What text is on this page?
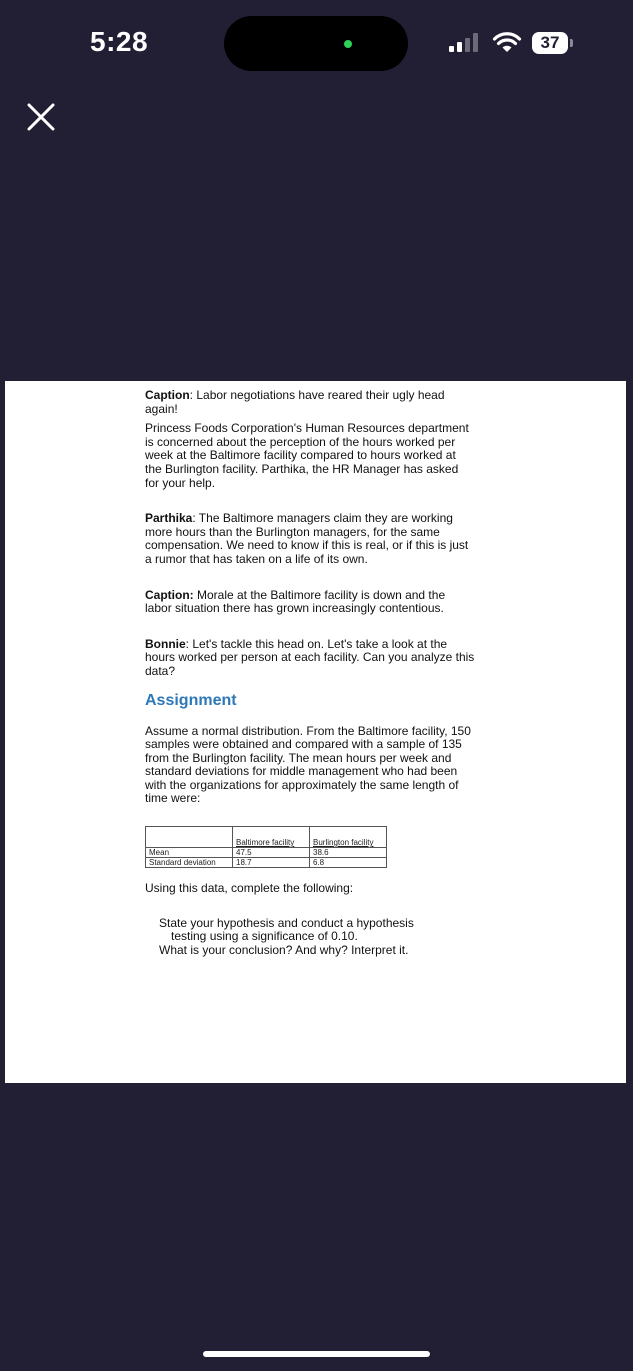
5:28	37

Caption: Labor negotiations have reared their ugly head again!

Princess Foods Corporation's Human Resources department is concerned about the perception of the hours worked per week at the Baltimore facility compared to hours worked at the Burlington facility. Parthika, the HR Manager has asked for your help.

Parthika: The Baltimore managers claim they are working more hours than the Burlington managers, for the same compensation. We need to know if this is real, or if this is just a rumor that has taken on a life of its own.

Caption: Morale at the Baltimore facility is down and the labor situation there has grown increasingly contentious.

Bonnie: Let's tackle this head on. Let's take a look at the hours worked per person at each facility. Can you analyze this data?

Assignment

Assume a normal distribution. From the Baltimore facility, 150 samples were obtained and compared with a sample of 135 from the Burlington facility. The mean hours per week and standard deviations for middle management who had been with the organizations for approximately the same length of time were:

	Baltimore facility	Burlington facility
Mean	47.5	38.6
Standard deviation	18.7	6.8

Using this data, complete the following:

State your hypothesis and conduct a hypothesis

testing using a significance of 0.10.

What is your conclusion? And why? Interpret it.
